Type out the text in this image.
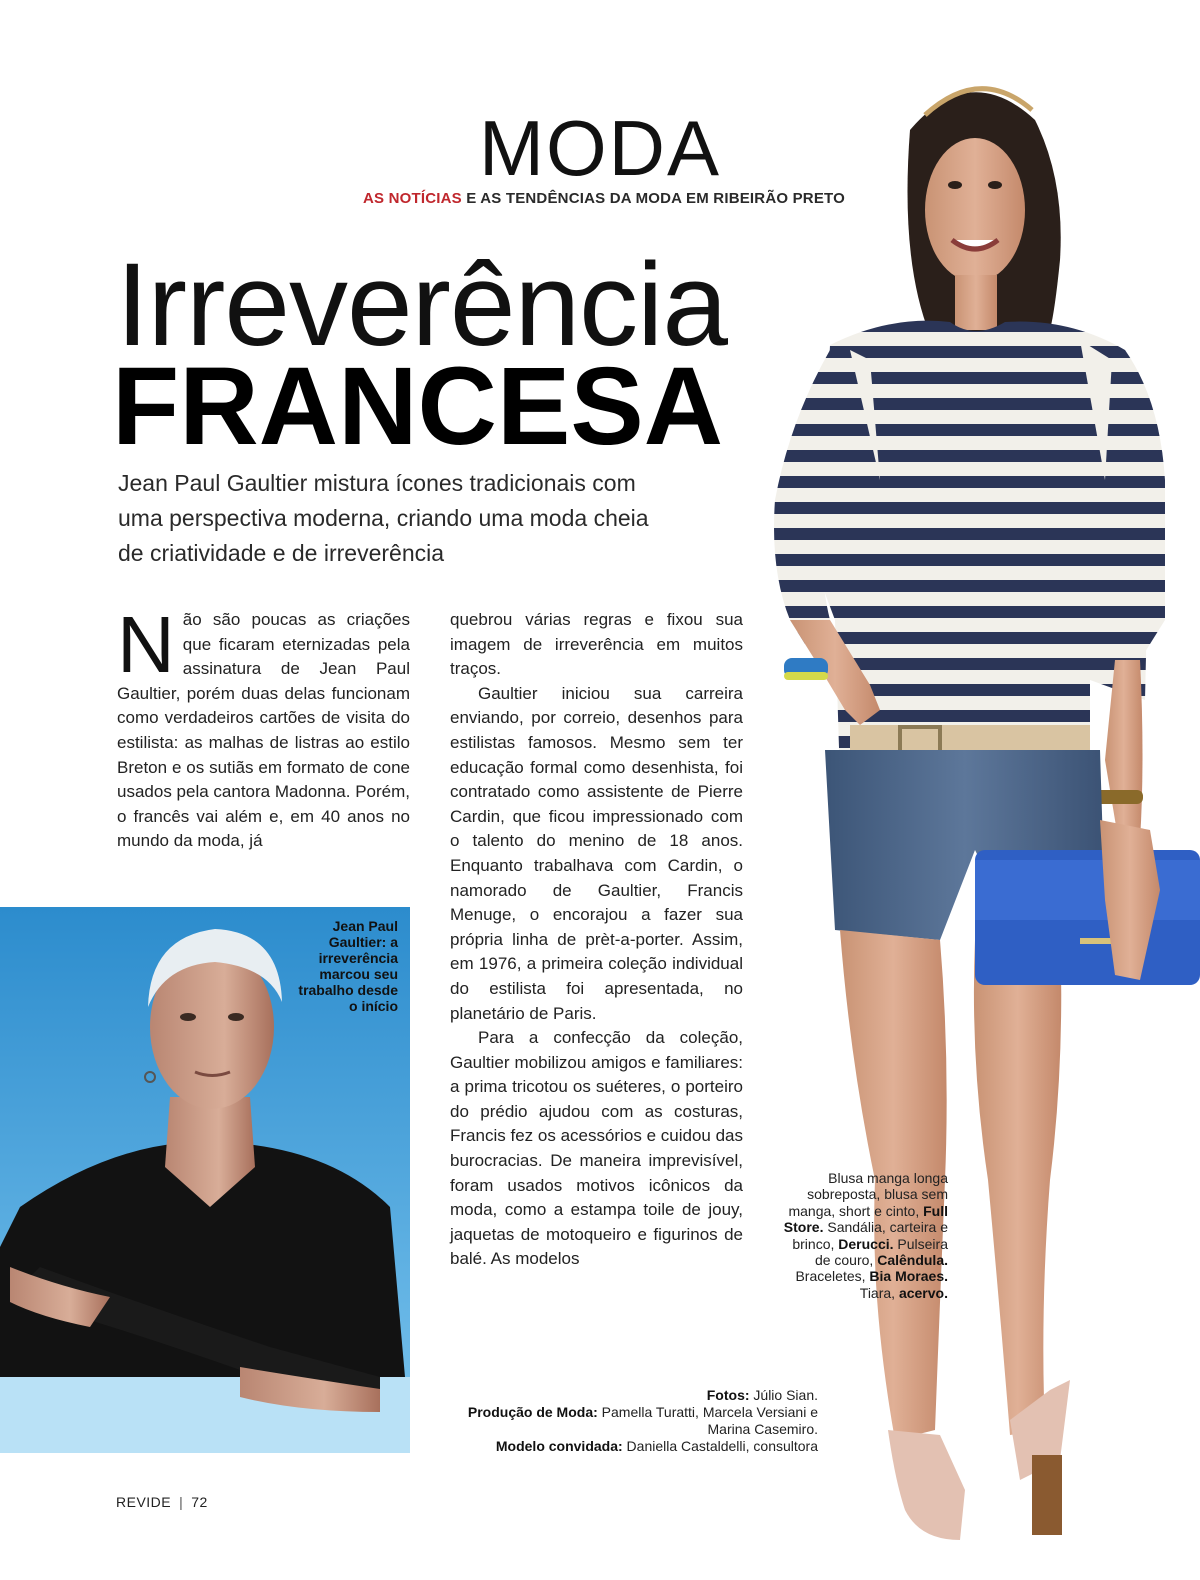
MODA
AS NOTÍCIAS E AS TENDÊNCIAS DA MODA EM RIBEIRÃO PRETO
Irreverência
FRANCESA
Jean Paul Gaultier mistura ícones tradicionais com uma perspectiva moderna, criando uma moda cheia de criatividade e de irreverência

Não são poucas as criações que ficaram eternizadas pela assinatura de Jean Paul Gaultier, porém duas delas funcionam como verdadeiros cartões de visita do estilista: as malhas de listras ao estilo Breton e os sutiãs em formato de cone usados pela cantora Madonna. Porém, o francês vai além e, em 40 anos no mundo da moda, já

quebrou várias regras e fixou sua imagem de irreverência em muitos traços.

Gaultier iniciou sua carreira enviando, por correio, desenhos para estilistas famosos. Mesmo sem ter educação formal como desenhista, foi contratado como assistente de Pierre Cardin, que ficou impressionado com o talento do menino de 18 anos. Enquanto trabalhava com Cardin, o namorado de Gaultier, Francis Menuge, o encorajou a fazer sua própria linha de prèt-a-porter. Assim, em 1976, a primeira coleção individual do estilista foi apresentada, no planetário de Paris.

Para a confecção da coleção, Gaultier mobilizou amigos e familiares: a prima tricotou os suéteres, o porteiro do prédio ajudou com as costuras, Francis fez os acessórios e cuidou das burocracias. De maneira imprevisível, foram usados motivos icônicos da moda, como a estampa toile de jouy, jaquetas de motoqueiro e figurinos de balé. As modelos

Jean Paul Gaultier: a irreverência marcou seu trabalho desde o início
Blusa manga longa sobreposta, blusa sem manga, short e cinto, Full Store. Sandália, carteira e brinco, Derucci. Pulseira de couro, Calêndula. Braceletes, Bia Moraes. Tiara, acervo.
Fotos: Júlio Sian.
Produção de Moda: Pamella Turatti, Marcela Versiani e Marina Casemiro.
Modelo convidada: Daniella Castaldelli, consultora
REVIDE | 72
